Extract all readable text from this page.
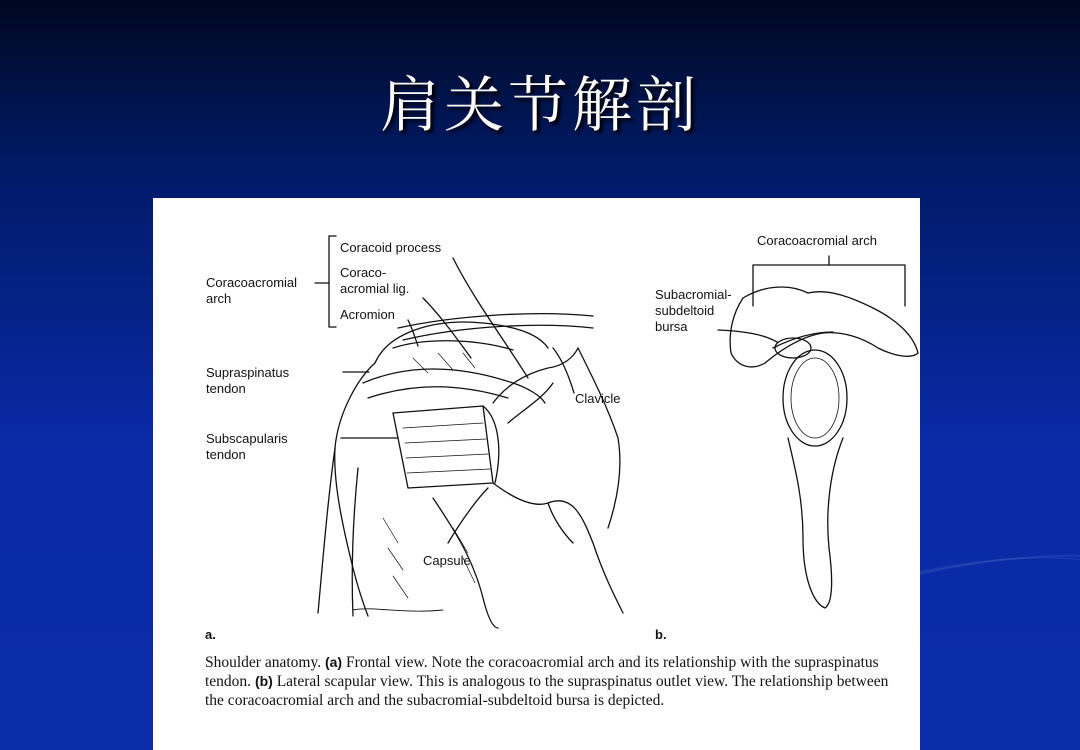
肩关节解剖
Coracoacromial
arch
Coracoid process
Coraco-
acromial lig.
Acromion
Supraspinatus
tendon
Subscapularis
tendon
Clavicle
Capsule
a.
Coracoacromial arch
Subacromial-
subdeltoid
bursa
b.
Shoulder anatomy. (a) Frontal view. Note the coracoacromial arch and its relationship with the supraspinatus tendon. (b) Lateral scapular view. This is analogous to the supraspinatus outlet view. The relationship between the coracoacromial arch and the subacromial-subdeltoid bursa is depicted.
